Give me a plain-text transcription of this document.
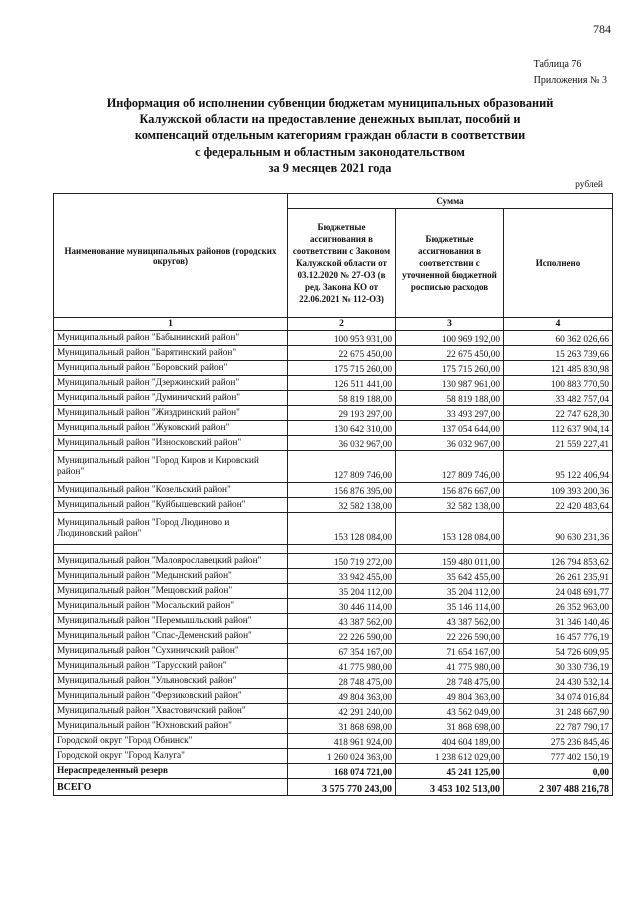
784
Таблица 76
Приложения № 3
Информация об исполнении субвенции бюджетам муниципальных образований
Калужской области на предоставление денежных выплат, пособий и
компенсаций отдельным категориям граждан области в соответствии
с федеральным и областным законодательством
за 9 месяцев 2021 года
рублей
Наименование муниципальных районов (городских округов)	Сумма		
	Бюджетные ассигнования в соответствии с Законом Калужской области от 03.12.2020 № 27-ОЗ (в ред. Закона КО от 22.06.2021 № 112-ОЗ)	Бюджетные ассигнования в соответствии с уточненной бюджетной росписью расходов	Исполнено
1	2	3	4
Муниципальный район "Бабынинский район"	100 953 931,00	100 969 192,00	60 362 026,66
Муниципальный район "Барятинский район"	22 675 450,00	22 675 450,00	15 263 739,66
Муниципальный район "Боровский район"	175 715 260,00	175 715 260,00	121 485 830,98
Муниципальный район "Дзержинский район"	126 511 441,00	130 987 961,00	100 883 770,50
Муниципальный район "Думиничский район"	58 819 188,00	58 819 188,00	33 482 757,04
Муниципальный район "Жиздринский район"	29 193 297,00	33 493 297,00	22 747 628,30
Муниципальный район "Жуковский район"	130 642 310,00	137 054 644,00	112 637 904,14
Муниципальный район "Износковский район"	36 032 967,00	36 032 967,00	21 559 227,41
Муниципальный район "Город Киров и Кировский район"	127 809 746,00	127 809 746,00	95 122 406,94
Муниципальный район "Козельский район"	156 876 395,00	156 876 667,00	109 393 200,36
Муниципальный район "Куйбышевский район"	32 582 138,00	32 582 138,00	22 420 483,64
Муниципальный район "Город Людиново и Людиновский район"	153 128 084,00	153 128 084,00	90 630 231,36

Муниципальный район "Малоярославецкий район"	150 719 272,00	159 480 011,00	126 794 853,62
Муниципальный район "Медынский район"	33 942 455,00	35 642 455,00	26 261 235,91
Муниципальный район "Мещовский район"	35 204 112,00	35 204 112,00	24 048 691,77
Муниципальный район "Мосальский район"	30 446 114,00	35 146 114,00	26 352 963,00
Муниципальный район "Перемышльский район"	43 387 562,00	43 387 562,00	31 346 140,46
Муниципальный район "Спас-Деменский район"	22 226 590,00	22 226 590,00	16 457 776,19
Муниципальный район "Сухиничский район"	67 354 167,00	71 654 167,00	54 726 609,95
Муниципальный район "Тарусский район"	41 775 980,00	41 775 980,00	30 330 736,19
Муниципальный район "Ульяновский район"	28 748 475,00	28 748 475,00	24 430 532,14
Муниципальный район "Ферзиковский район"	49 804 363,00	49 804 363,00	34 074 016,84
Муниципальный район "Хвастовичский район"	42 291 240,00	43 562 049,00	31 248 667,90
Муниципальный район "Юхновский район"	31 868 698,00	31 868 698,00	22 787 790,17
Городской округ "Город Обнинск"	418 961 924,00	404 604 189,00	275 236 845,46
Городской округ "Город Калуга"	1 260 024 363,00	1 238 612 029,00	777 402 150,19
Нераспределенный резерв	168 074 721,00	45 241 125,00	0,00
ВСЕГО	3 575 770 243,00	3 453 102 513,00	2 307 488 216,78
